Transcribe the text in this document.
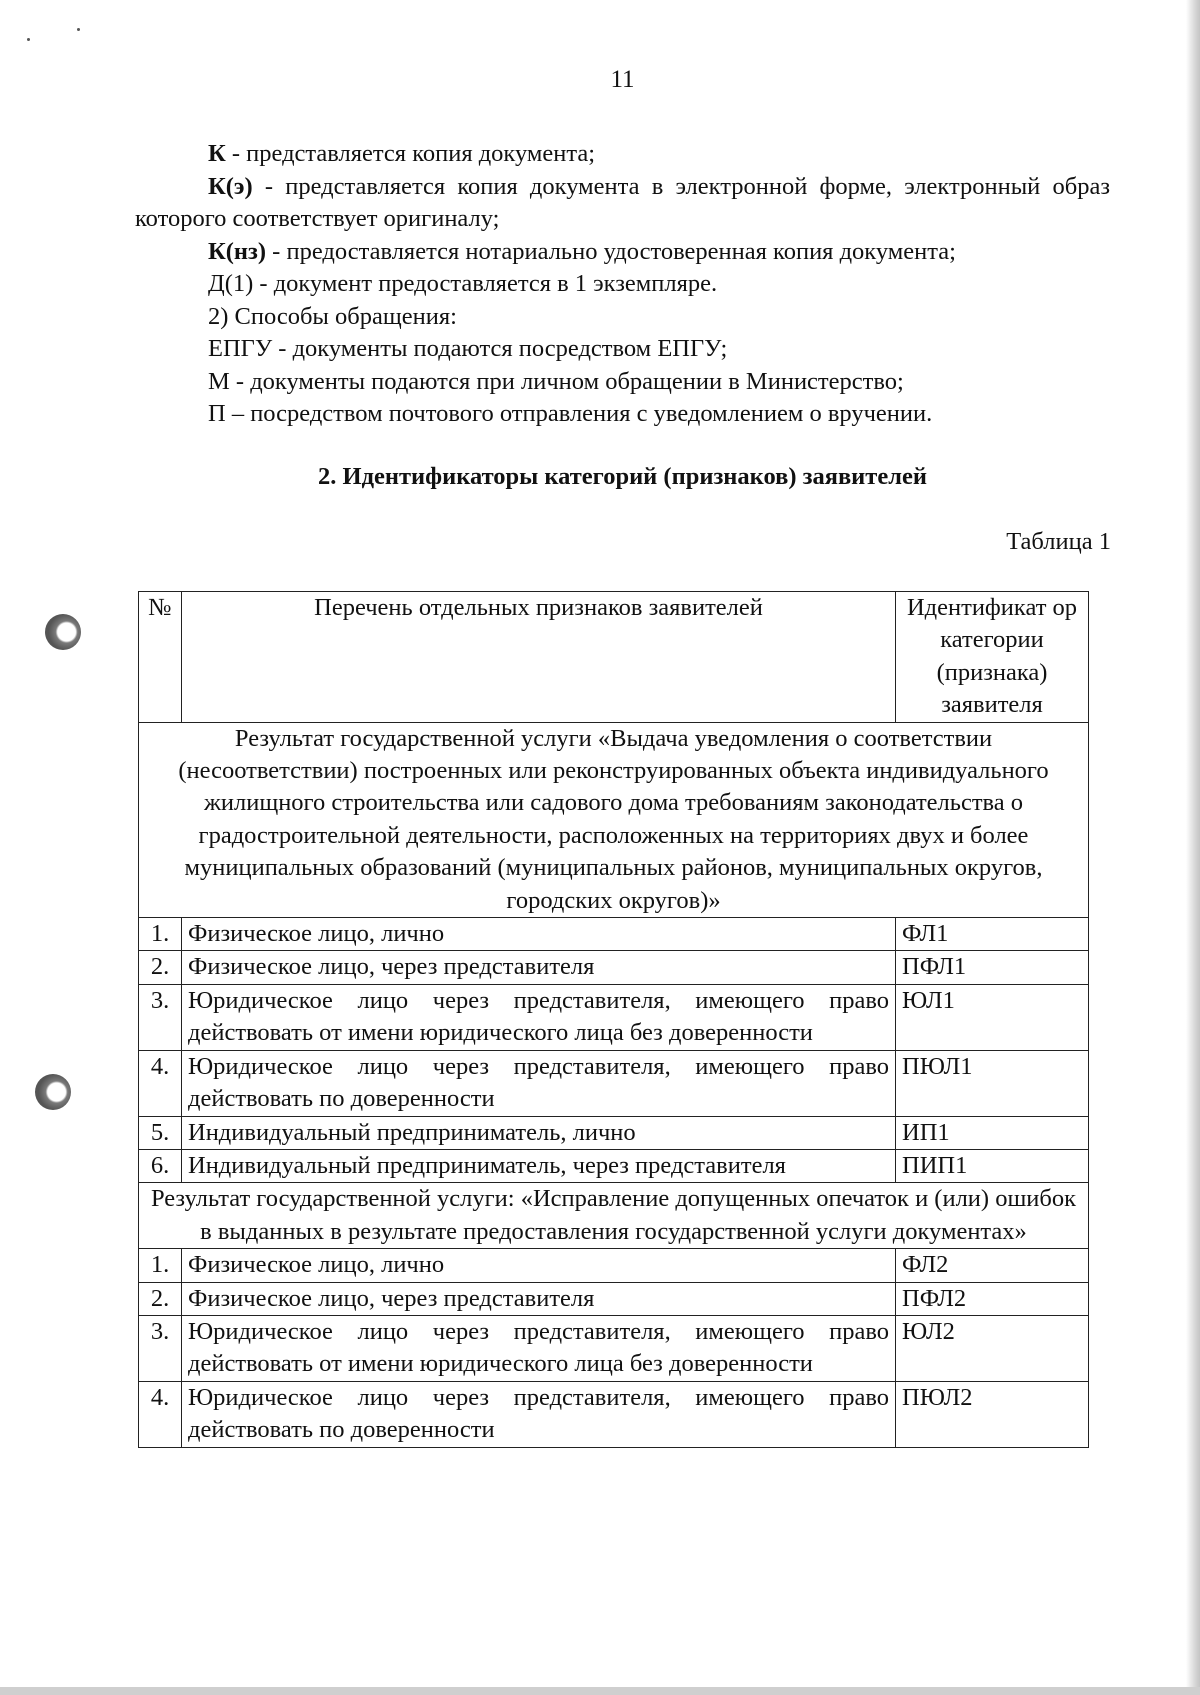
11

К - представляется копия документа;

К(э) - представляется копия документа в электронной форме, электронный образ которого соответствует оригиналу;

К(нз) - предоставляется нотариально удостоверенная копия документа;

Д(1) - документ предоставляется в 1 экземпляре.

2) Способы обращения:

ЕПГУ - документы подаются посредством ЕПГУ;

М - документы подаются при личном обращении в Министерство;

П – посредством почтового отправления с уведомлением о вручении.

2. Идентификаторы категорий (признаков) заявителей
Таблица 1
№	Перечень отдельных признаков заявителей	Идентификат ор категории (признака) заявителя
Результат государственной услуги «Выдача уведомления о соответствии (несоответствии) построенных или реконструированных объекта индивидуального жилищного строительства или садового дома требованиям законодательства о градостроительной деятельности, расположенных на территориях двух и более муниципальных образований (муниципальных районов, муниципальных округов, городских округов)»		
1.	Физическое лицо, лично	ФЛ1
2.	Физическое лицо, через представителя	ПФЛ1
3.	Юридическое лицо через представителя, имеющего право действовать от имени юридического лица без доверенности	ЮЛ1
4.	Юридическое лицо через представителя, имеющего право действовать по доверенности	ПЮЛ1
5.	Индивидуальный предприниматель, лично	ИП1
6.	Индивидуальный предприниматель, через представителя	ПИП1
Результат государственной услуги: «Исправление допущенных опечаток и (или) ошибок в выданных в результате предоставления государственной услуги документах»		
1.	Физическое лицо, лично	ФЛ2
2.	Физическое лицо, через представителя	ПФЛ2
3.	Юридическое лицо через представителя, имеющего право действовать от имени юридического лица без доверенности	ЮЛ2
4.	Юридическое лицо через представителя, имеющего право действовать по доверенности	ПЮЛ2
